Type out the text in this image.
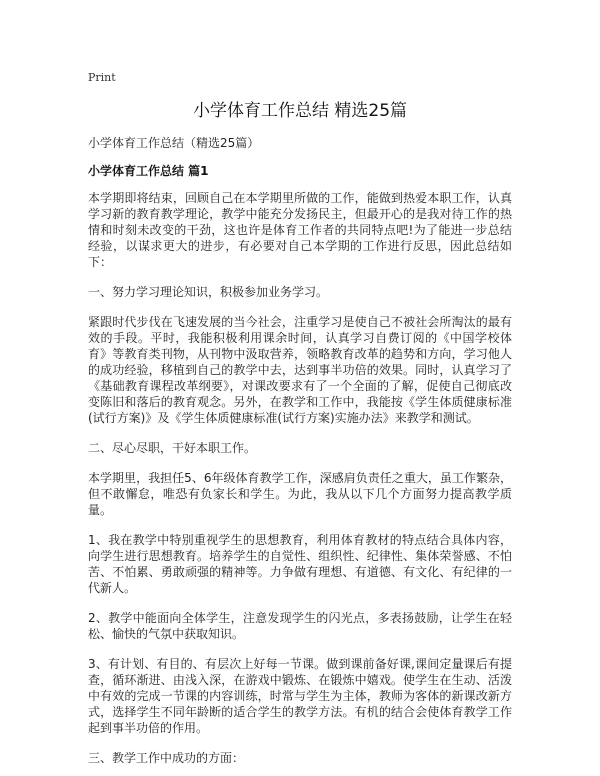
Print
小学体育工作总结 精选25篇
小学体育工作总结（精选25篇）
小学体育工作总结 篇1

本学期即将结束，回顾自己在本学期里所做的工作，能做到热爱本职工作，认真学习新的教育教学理论，教学中能充分发扬民主，但最开心的是我对待工作的热情和时刻未改变的干劲，这也许是体育工作者的共同特点吧!为了能进一步总结经验，以谋求更大的进步，有必要对自己本学期的工作进行反思，因此总结如下：

一、努力学习理论知识，积极参加业务学习。

紧跟时代步伐在飞速发展的当今社会，注重学习是使自己不被社会所淘汰的最有效的手段。平时，我能积极利用课余时间，认真学习自费订阅的《中国学校体育》等教育类刊物，从刊物中汲取营养，领略教育改革的趋势和方向，学习他人的成功经验，移植到自己的教学中去，达到事半功倍的效果。同时，认真学习了《基础教育课程改革纲要》，对课改要求有了一个全面的了解，促使自己彻底改变陈旧和落后的教育观念。另外，在教学和工作中，我能按《学生体质健康标准(试行方案)》及《学生体质健康标准(试行方案)实施办法》来教学和测试。

二、尽心尽职，干好本职工作。

本学期里，我担任5、6年级体育教学工作，深感肩负责任之重大，虽工作繁杂，但不敢懈怠，唯恐有负家长和学生。为此，我从以下几个方面努力提高教学质量。

1、我在教学中特别重视学生的思想教育，利用体育教材的特点结合具体内容，向学生进行思想教育。培养学生的自觉性、组织性、纪律性、集体荣誉感、不怕苦、不怕累、勇敢顽强的精神等。力争做有理想、有道德、有文化、有纪律的一代新人。

2、教学中能面向全体学生，注意发现学生的闪光点，多表扬鼓励，让学生在轻松、愉快的气氛中获取知识。

3、有计划、有目的、有层次上好每一节课。做到课前备好课,课间定量课后有提查，循环渐进、由浅入深，在游戏中锻炼、在锻炼中嬉戏。使学生在生动、活泼中有效的完成一节课的内容训练，时常与学生为主体，教师为客体的新课改新方式，选择学生不同年龄断的适合学生的教学方法。有机的结合会使体育教学工作起到事半功倍的作用。

三、教学工作中成功的方面：
